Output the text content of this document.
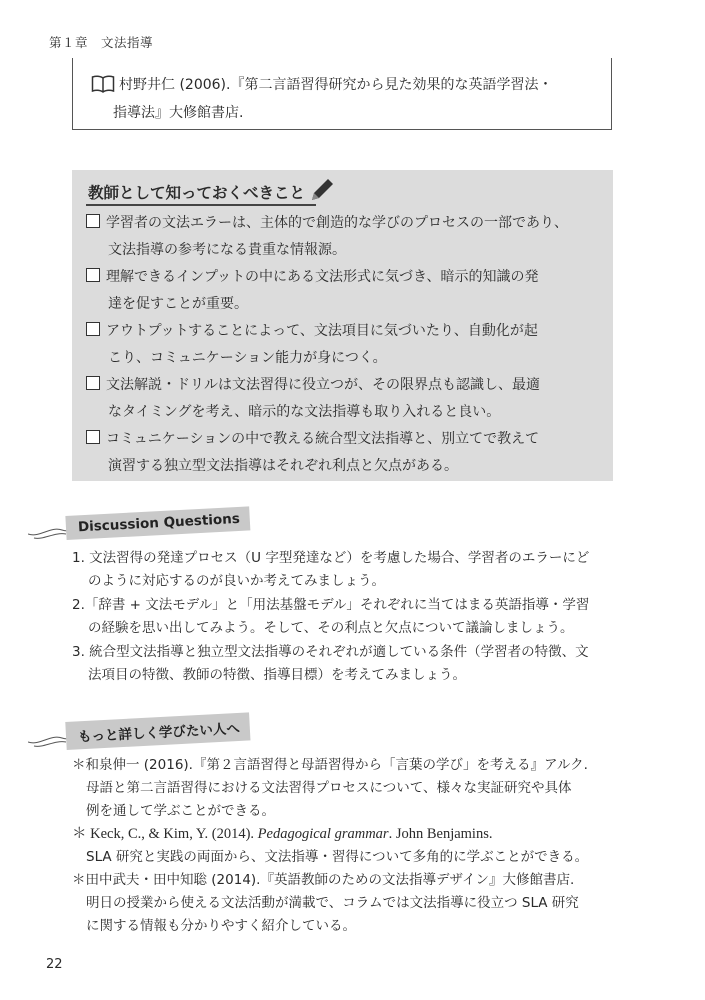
第１章　文法指導
村野井仁 (2006).『第二言語習得研究から見た効果的な英語学習法・
指導法』大修館書店.
教師として知っておくべきこと
学習者の文法エラーは、主体的で創造的な学びのプロセスの一部であり、
文法指導の参考になる貴重な情報源。
理解できるインプットの中にある文法形式に気づき、暗示的知識の発
達を促すことが重要。
アウトプットすることによって、文法項目に気づいたり、自動化が起
こり、コミュニケーション能力が身につく。
文法解説・ドリルは文法習得に役立つが、その限界点も認識し、最適
なタイミングを考え、暗示的な文法指導も取り入れると良い。
コミュニケーションの中で教える統合型文法指導と、別立てで教えて
演習する独立型文法指導はそれぞれ利点と欠点がある。
Discussion Questions
1. 文法習得の発達プロセス（U 字型発達など）を考慮した場合、学習者のエラーにど
のように対応するのが良いか考えてみましょう。
2.「辞書 + 文法モデル」と「用法基盤モデル」それぞれに当てはまる英語指導・学習
の経験を思い出してみよう。そして、その利点と欠点について議論しましょう。
3. 統合型文法指導と独立型文法指導のそれぞれが適している条件（学習者の特徴、文
法項目の特徴、教師の特徴、指導目標）を考えてみましょう。
もっと詳しく学びたい人へ
＊和泉伸一 (2016).『第２言語習得と母語習得から「言葉の学び」を考える』アルク.
母語と第二言語習得における文法習得プロセスについて、様々な実証研究や具体
例を通して学ぶことができる。
＊ Keck, C., & Kim, Y. (2014). Pedagogical grammar. John Benjamins.
SLA 研究と実践の両面から、文法指導・習得について多角的に学ぶことができる。
＊田中武夫・田中知聡 (2014).『英語教師のための文法指導デザイン』大修館書店.
明日の授業から使える文法活動が満載で、コラムでは文法指導に役立つ SLA 研究
に関する情報も分かりやすく紹介している。
22
